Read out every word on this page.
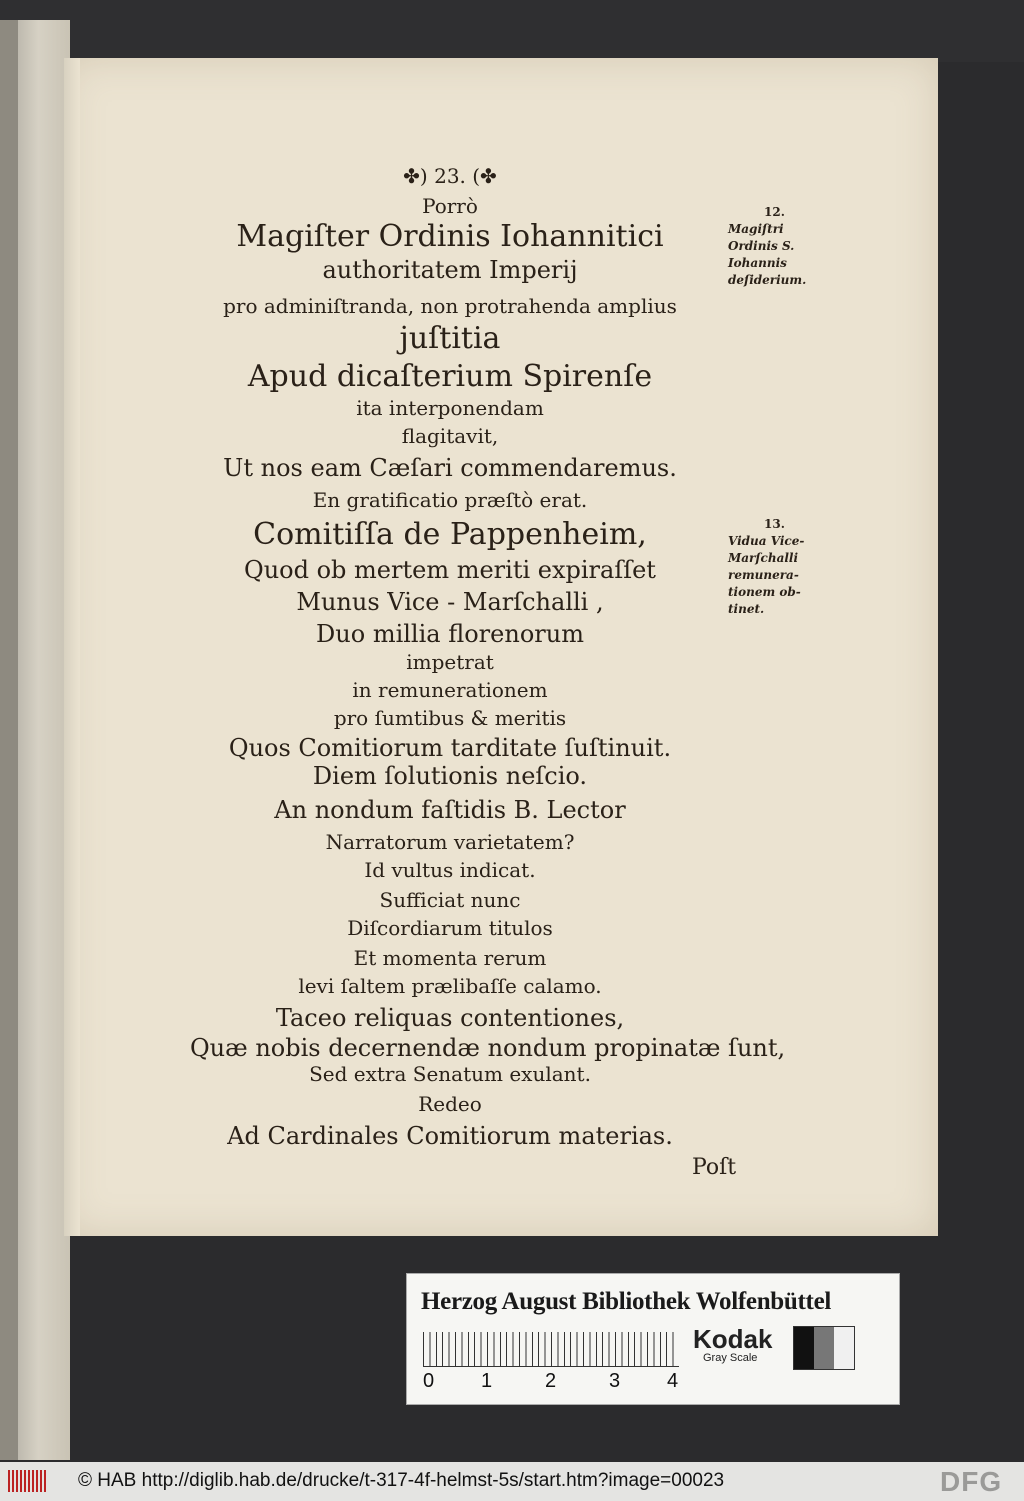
✤) 23. (✤
Porrò
Magiſter Ordinis Iohannitici
authoritatem Imperij
pro adminiſtranda, non protrahenda amplius
juſtitia
Apud dicaſterium Spirenſe
ita interponendam
flagitavit,
Ut nos eam Cæſari commendaremus.
En gratificatio præſtò erat.
Comitiſſa de Pappenheim,
Quod ob mertem meriti expiraſſet
Munus Vice - Marſchalli ,
Duo millia florenorum
impetrat
in remunerationem
pro ſumtibus & meritis
Quos Comitiorum tarditate ſuſtinuit.
Diem ſolutionis neſcio.
An nondum faſtidis B. Lector
Narratorum varietatem?
Id vultus indicat.
Sufficiat nunc
Diſcordiarum titulos
Et momenta rerum
levi ſaltem prælibaſſe calamo.
Taceo reliquas contentiones,
Quæ nobis decernendæ nondum propinatæ ſunt,
Sed extra Senatum exulant.
Redeo
Ad Cardinales Comitiorum materias.
12.
Magiſtri
Ordinis S.
Iohannis
deſiderium.
13.
Vidua Vice-
Marſchalli
remunera-
tionem ob-
tinet.
Poſt
Herzog August Bibliothek Wolfenbüttel
0 1	2	3 4
Kodak
Gray Scale
© HAB http://diglib.hab.de/drucke/t-317-4f-helmst-5s/start.htm?image=00023	DFG
